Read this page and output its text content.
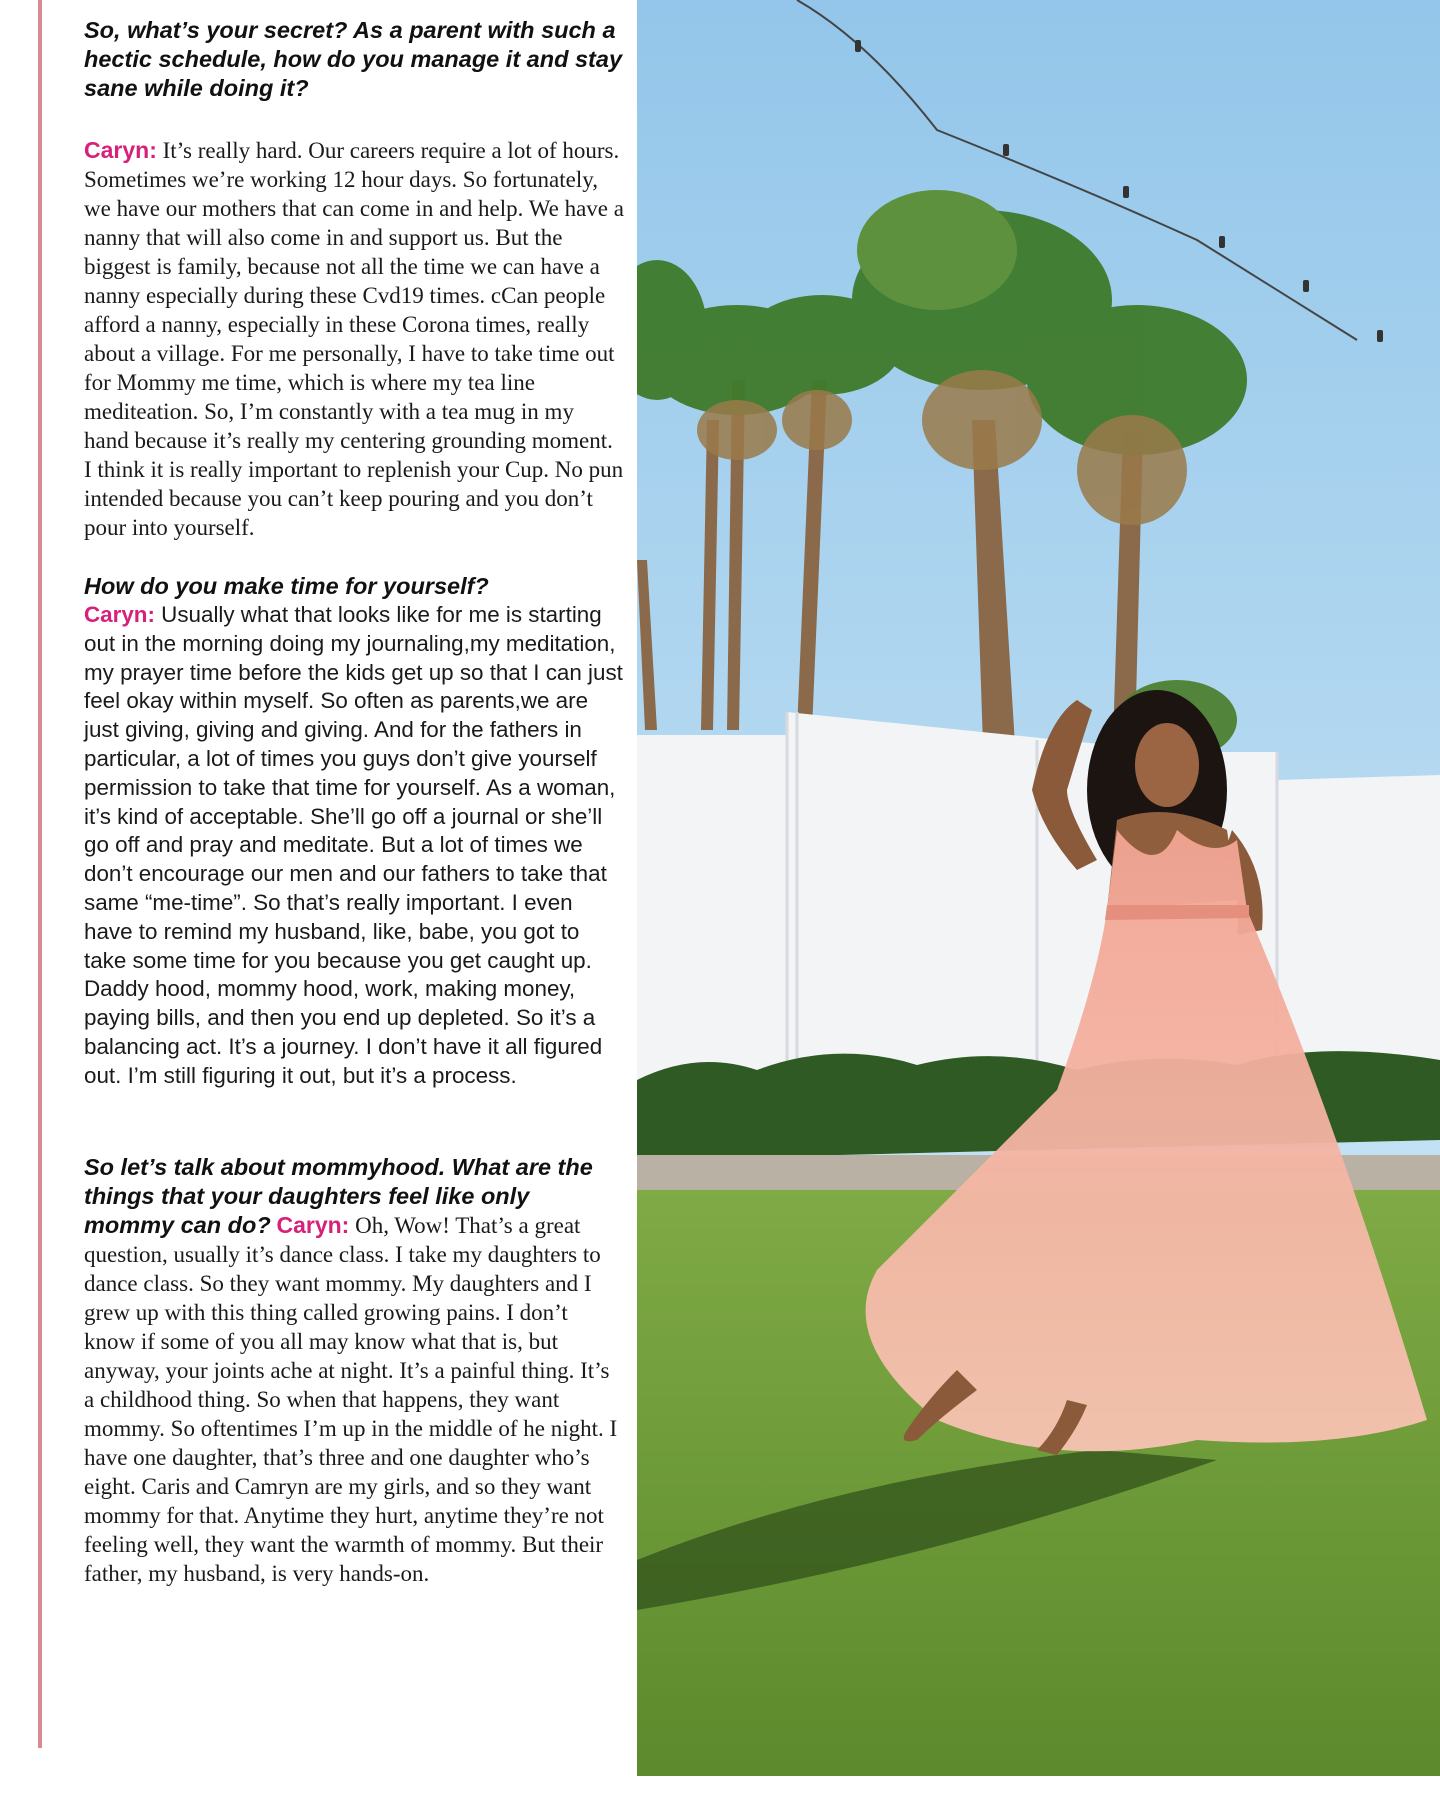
So, what’s your secret? As a parent with such a hectic schedule, how do you manage it and stay sane while doing it?

Caryn: It’s really hard. Our careers require a lot of hours. Sometimes we’re working 12 hour days. So fortunately, we have our mothers that can come in and help. We have a nanny that will also come in and support us. But the biggest is family, because not all the time we can have a nanny especially during these Cvd19 times. cCan people afford a nanny, especially in these Corona times, really about a village. For me personally, I have to take time out for Mommy me time, which is where my tea line mediteation. So, I’m constantly with a tea mug in my hand because it’s really my centering grounding moment. I think it is really important to replenish your Cup. No pun intended because you can’t keep pouring and you don’t pour into yourself.

How do you make time for yourself?

Caryn: Usually what that looks like for me is starting out in the morning doing my journaling,my meditation, my prayer time before the kids get up so that I can just feel okay within myself. So often as parents,we are just giving, giving and giving. And for the fathers in particular, a lot of times you guys don’t give yourself permission to take that time for yourself. As a woman, it’s kind of acceptable. She’ll go off a journal or she’ll go off and pray and meditate. But a lot of times we don’t encourage our men and our fathers to take that same “me-time”. So that’s really important. I even have to remind my husband, like, babe, you got to take some time for you because you get caught up. Daddy hood, mommy hood, work, making money, paying bills, and then you end up depleted. So it’s a balancing act. It’s a journey. I don’t have it all figured out. I’m still figuring it out, but it’s a process.

So let’s talk about mommyhood. What are the things that your daughters feel like only mommy can do? Caryn: Oh, Wow! That’s a great question, usually it’s dance class. I take my daughters to dance class. So they want mommy. My daughters and I grew up with this thing called growing pains. I don’t know if some of you all may know what that is, but anyway, your joints ache at night. It’s a painful thing. It’s a childhood thing. So when that happens, they want mommy. So oftentimes I’m up in the middle of he night. I have one daughter, that’s three and one daughter who’s eight. Caris and Camryn are my girls, and so they want mommy for that. Anytime they hurt, anytime they’re not feeling well, they want the warmth of mommy. But their father, my husband, is very hands-on.
